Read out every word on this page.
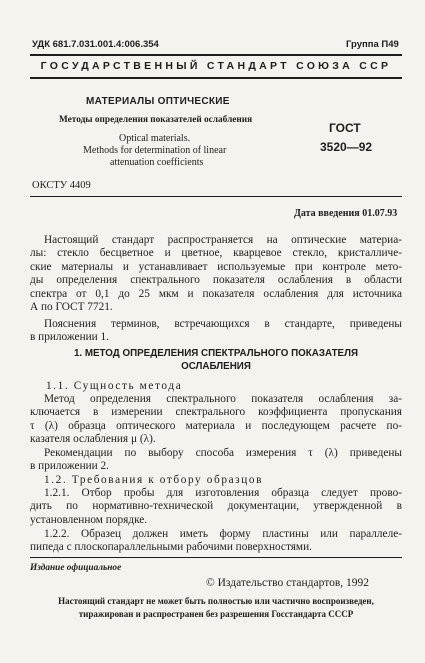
УДК 681.7.031.001.4:006.354	Группа П49
ГОСУДАРСТВЕННЫЙ СТАНДАРТ СОЮЗА ССР
МАТЕРИАЛЫ ОПТИЧЕСКИЕ
Методы определения показателей ослабления
Optical materials.
Methods for determination of linear
attenuation coefficients
ГОСТ
3520—92
ОКСТУ 4409
Дата введения 01.07.93
Настоящий стандарт распространяется на оптические материа-
лы: стекло бесцветное и цветное, кварцевое стекло, кристалличе-
ские материалы и устанавливает используемые при контроле мето-
ды определения спектрального показателя ослабления в области
спектра от 0,1 до 25 мкм и показателя ослабления для источника
А по ГОСТ 7721.
Пояснения терминов, встречающихся в стандарте, приведены
в приложении 1.
1. МЕТОД ОПРЕДЕЛЕНИЯ СПЕКТРАЛЬНОГО ПОКАЗАТЕЛЯ
ОСЛАБЛЕНИЯ
1.1. Сущность метода
Метод определения спектрального показателя ослабления за-
ключается в измерении спектрального коэффициента пропускания
τ (λ) образца оптического материала и последующем расчете по-
казателя ослабления μ (λ).
Рекомендации по выбору способа измерения τ (λ) приведены
в приложении 2.
1.2. Требования к отбору образцов
1.2.1. Отбор пробы для изготовления образца следует прово-
дить по нормативно-технической документации, утвержденной в
установленном порядке.
1.2.2. Образец должен иметь форму пластины или параллеле-
пипеда с плоскопараллельными рабочими поверхностями.
Издание официальное
© Издательство стандартов, 1992
Настоящий стандарт не может быть полностью или частично воспроизведен,
тиражирован и распространен без разрешения Госстандарта СССР
